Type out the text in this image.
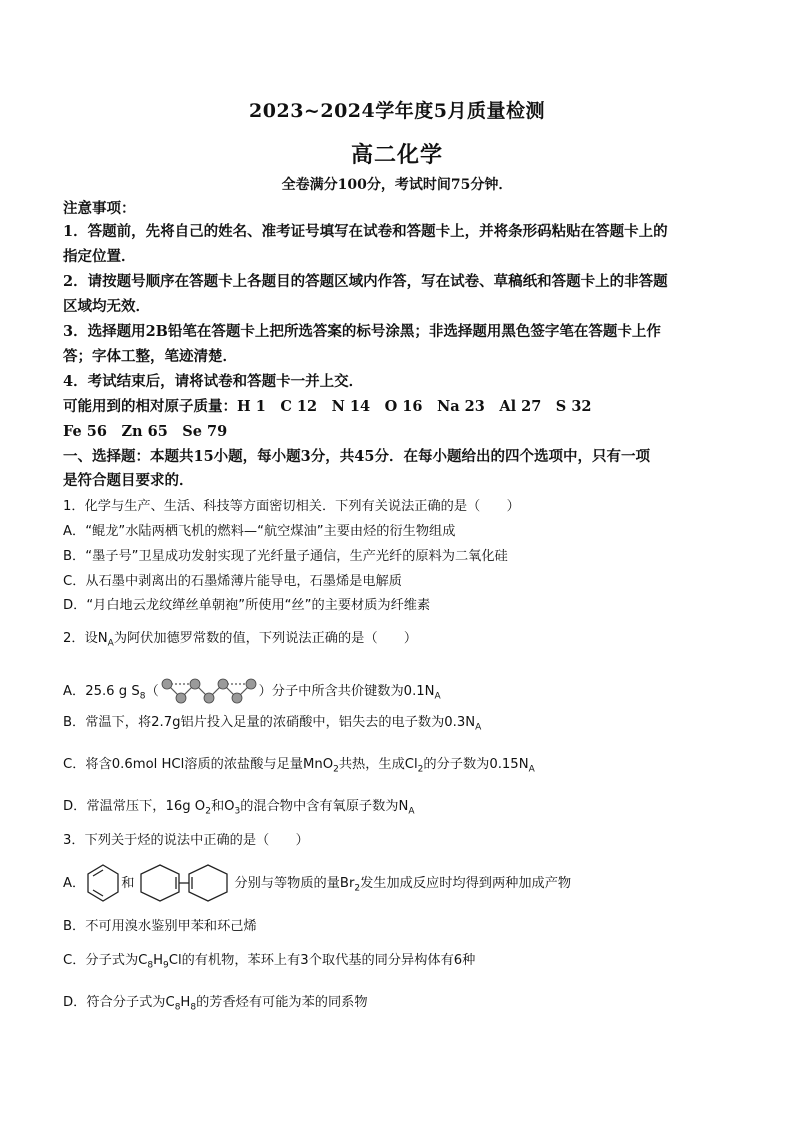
2023~2024学年度5月质量检测
高二化学
全卷满分100分，考试时间75分钟．
注意事项：
1．答题前，先将自己的姓名、准考证号填写在试卷和答题卡上，并将条形码粘贴在答题卡上的
指定位置．
2．请按题号顺序在答题卡上各题目的答题区域内作答，写在试卷、草稿纸和答题卡上的非答题
区域均无效．
3．选择题用2B铅笔在答题卡上把所选答案的标号涂黑；非选择题用黑色签字笔在答题卡上作
答；字体工整，笔迹清楚．
4．考试结束后，请将试卷和答题卡一并上交．
可能用到的相对原子质量：H 1　C 12　N 14　O 16　Na 23　Al 27　S 32
Fe 56　Zn 65　Se 79
一、选择题：本题共15小题，每小题3分，共45分．在每小题给出的四个选项中，只有一项
是符合题目要求的．
1．化学与生产、生活、科技等方面密切相关．下列有关说法正确的是（　　）
A．“鲲龙”水陆两栖飞机的燃料—“航空煤油”主要由烃的衍生物组成
B．“墨子号”卫星成功发射实现了光纤量子通信，生产光纤的原料为二氧化硅
C．从石墨中剥离出的石墨烯薄片能导电，石墨烯是电解质
D．“月白地云龙纹缂丝单朝袍”所使用“丝”的主要材质为纤维素
2．设$N_A$为阿伏加德罗常数的值，下列说法正确的是（　　）
A．25.6 g $S_8$（	）分子中所含共价键数为$0.1N_A$
B．常温下，将2.7g铝片投入足量的浓硝酸中，铝失去的电子数为$0.3N_A$
C．将含0.6mol HCl溶质的浓盐酸与足量MnO$_2$共热，生成$Cl_2$的分子数为$0.15N_A$
D．常温常压下，16g $O_2$和$O_3$的混合物中含有氧原子数为$N_A$
3．下列关于烃的说法中正确的是（　　）
A．	和	分别与等物质的量$Br_2$发生加成反应时均得到两种加成产物
B．不可用溴水鉴别甲苯和环己烯
C．分子式为$C_8H_9Cl$的有机物，苯环上有3个取代基的同分异构体有6种
D．符合分子式为$C_8H_8$的芳香烃有可能为苯的同系物
